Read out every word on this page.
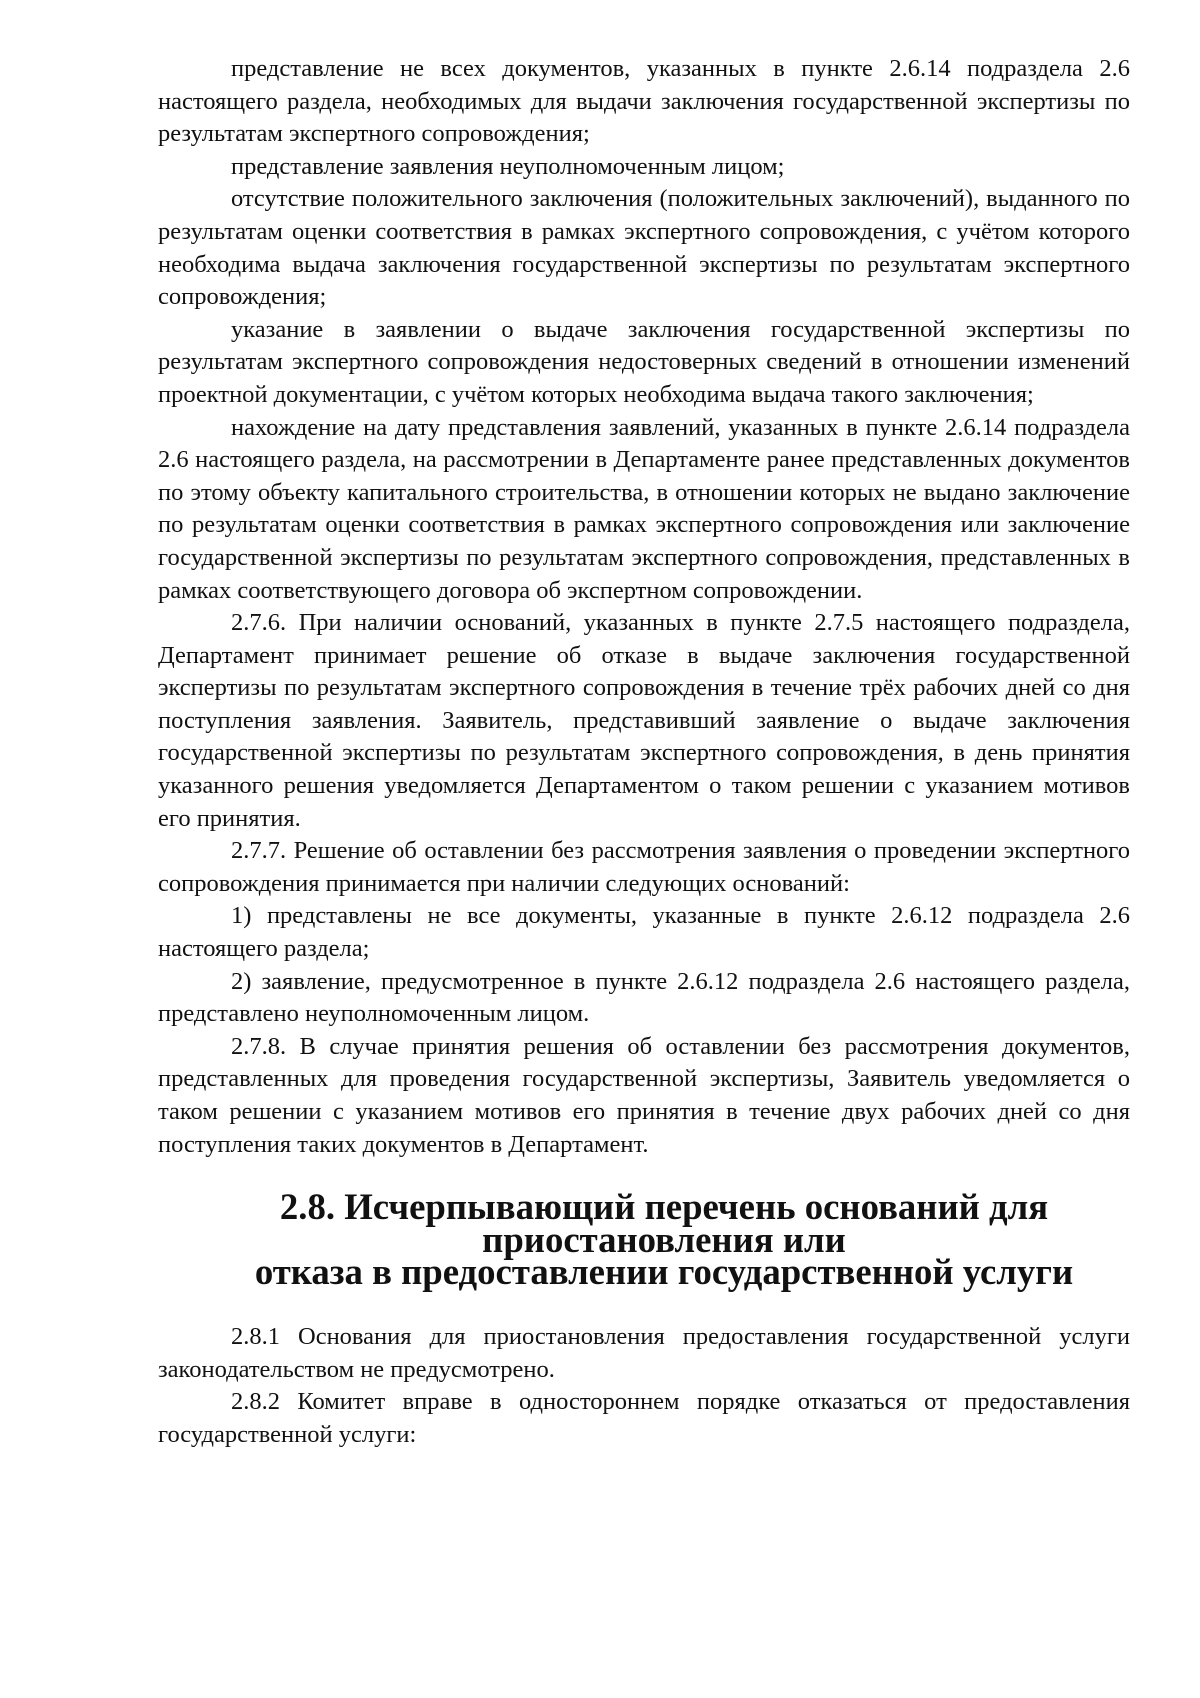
представление не всех документов, указанных в пункте 2.6.14 подраздела 2.6 настоящего раздела, необходимых для выдачи заключения государственной экспертизы по результатам экспертного сопровождения;

представление заявления неуполномоченным лицом;

отсутствие положительного заключения (положительных заключений), выданного по результатам оценки соответствия в рамках экспертного сопровождения, с учётом которого необходима выдача заключения государственной экспертизы по результатам экспертного сопровождения;

указание в заявлении о выдаче заключения государственной экспертизы по результатам экспертного сопровождения недостоверных сведений в отношении изменений проектной документации, с учётом которых необходима выдача такого заключения;

нахождение на дату представления заявлений, указанных в пункте 2.6.14 подраздела 2.6 настоящего раздела, на рассмотрении в Департаменте ранее представленных документов по этому объекту капитального строительства, в отношении которых не выдано заключение по результатам оценки соответствия в рамках экспертного сопровождения или заключение государственной экспертизы по результатам экспертного сопровождения, представленных в рамках соответствующего договора об экспертном сопровождении.

2.7.6. При наличии оснований, указанных в пункте 2.7.5 настоящего подраздела, Департамент принимает решение об отказе в выдаче заключения государственной экспертизы по результатам экспертного сопровождения в течение трёх рабочих дней со дня поступления заявления. Заявитель, представивший заявление о выдаче заключения государственной экспертизы по результатам экспертного сопровождения, в день принятия указанного решения уведомляется Департаментом о таком решении с указанием мотивов его принятия.

2.7.7. Решение об оставлении без рассмотрения заявления о проведении экспертного сопровождения принимается при наличии следующих оснований:

1) представлены не все документы, указанные в пункте 2.6.12 подраздела 2.6 настоящего раздела;

2) заявление, предусмотренное в пункте 2.6.12 подраздела 2.6 настоящего раздела, представлено неуполномоченным лицом.

2.7.8. В случае принятия решения об оставлении без рассмотрения документов, представленных для проведения государственной экспертизы, Заявитель уведомляется о таком решении с указанием мотивов его принятия в течение двух рабочих дней со дня поступления таких документов в Департамент.

2.8. Исчерпывающий перечень оснований для приостановления или
отказа в предоставлении государственной услуги

2.8.1 Основания для приостановления предоставления государственной услуги законодательством не предусмотрено.

2.8.2 Комитет вправе в одностороннем порядке отказаться от предоставления государственной услуги:
